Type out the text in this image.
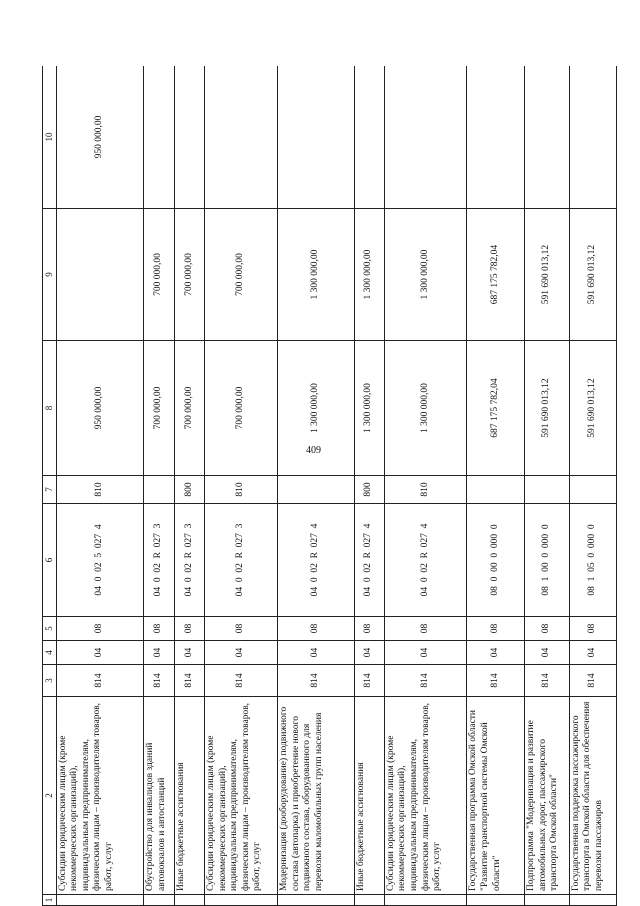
409
1	2	3	4	5	6	7	8	9	10
	Субсидии юридическим лицам (кроме некоммерческих организаций), индивидуальным предпринимателям, физическим лицам – производителям товаров, работ, услуг	814	04	08	04  0  02  5  027  4	810	950 000,00		950 000,00
	Обустройство для инвалидов зданий автовокзалов и автостанций	814	04	08	04  0  02  R  027  3		700 000,00	700 000,00	
	Иные бюджетные ассигнования	814	04	08	04  0  02  R  027  3	800	700 000,00	700 000,00	
	Субсидии юридическим лицам (кроме некоммерческих организаций), индивидуальным предпринимателям, физическим лицам – производителям товаров, работ, услуг	814	04	08	04  0  02  R  027  3	810	700 000,00	700 000,00	
	Модернизация (дооборудование) подвижного состава (автопарка) и приобретение нового подвижного состава, оборудованного для перевозки маломобильных групп населения	814	04	08	04  0  02  R  027  4		1 300 000,00	1 300 000,00	
	Иные бюджетные ассигнования	814	04	08	04  0  02  R  027  4	800	1 300 000,00	1 300 000,00	
	Субсидии юридическим лицам (кроме некоммерческих организаций), индивидуальным предпринимателям, физическим лицам – производителям товаров, работ, услуг	814	04	08	04  0  02  R  027  4	810	1 300 000,00	1 300 000,00	
	Государственная программа Омской области "Развитие транспортной системы Омской области"	814	04	08	08  0  00  0  000  0		687 175 782,04	687 175 782,04	
	Подпрограмма "Модернизация и развитие автомобильных дорог, пассажирского транспорта Омской области"	814	04	08	08  1  00  0  000  0		591 690 013,12	591 690 013,12	
	Государственная поддержка пассажирского транспорта в Омской области для обеспечения перевозки пассажиров	814	04	08	08  1  05  0  000  0		591 690 013,12	591 690 013,12	
